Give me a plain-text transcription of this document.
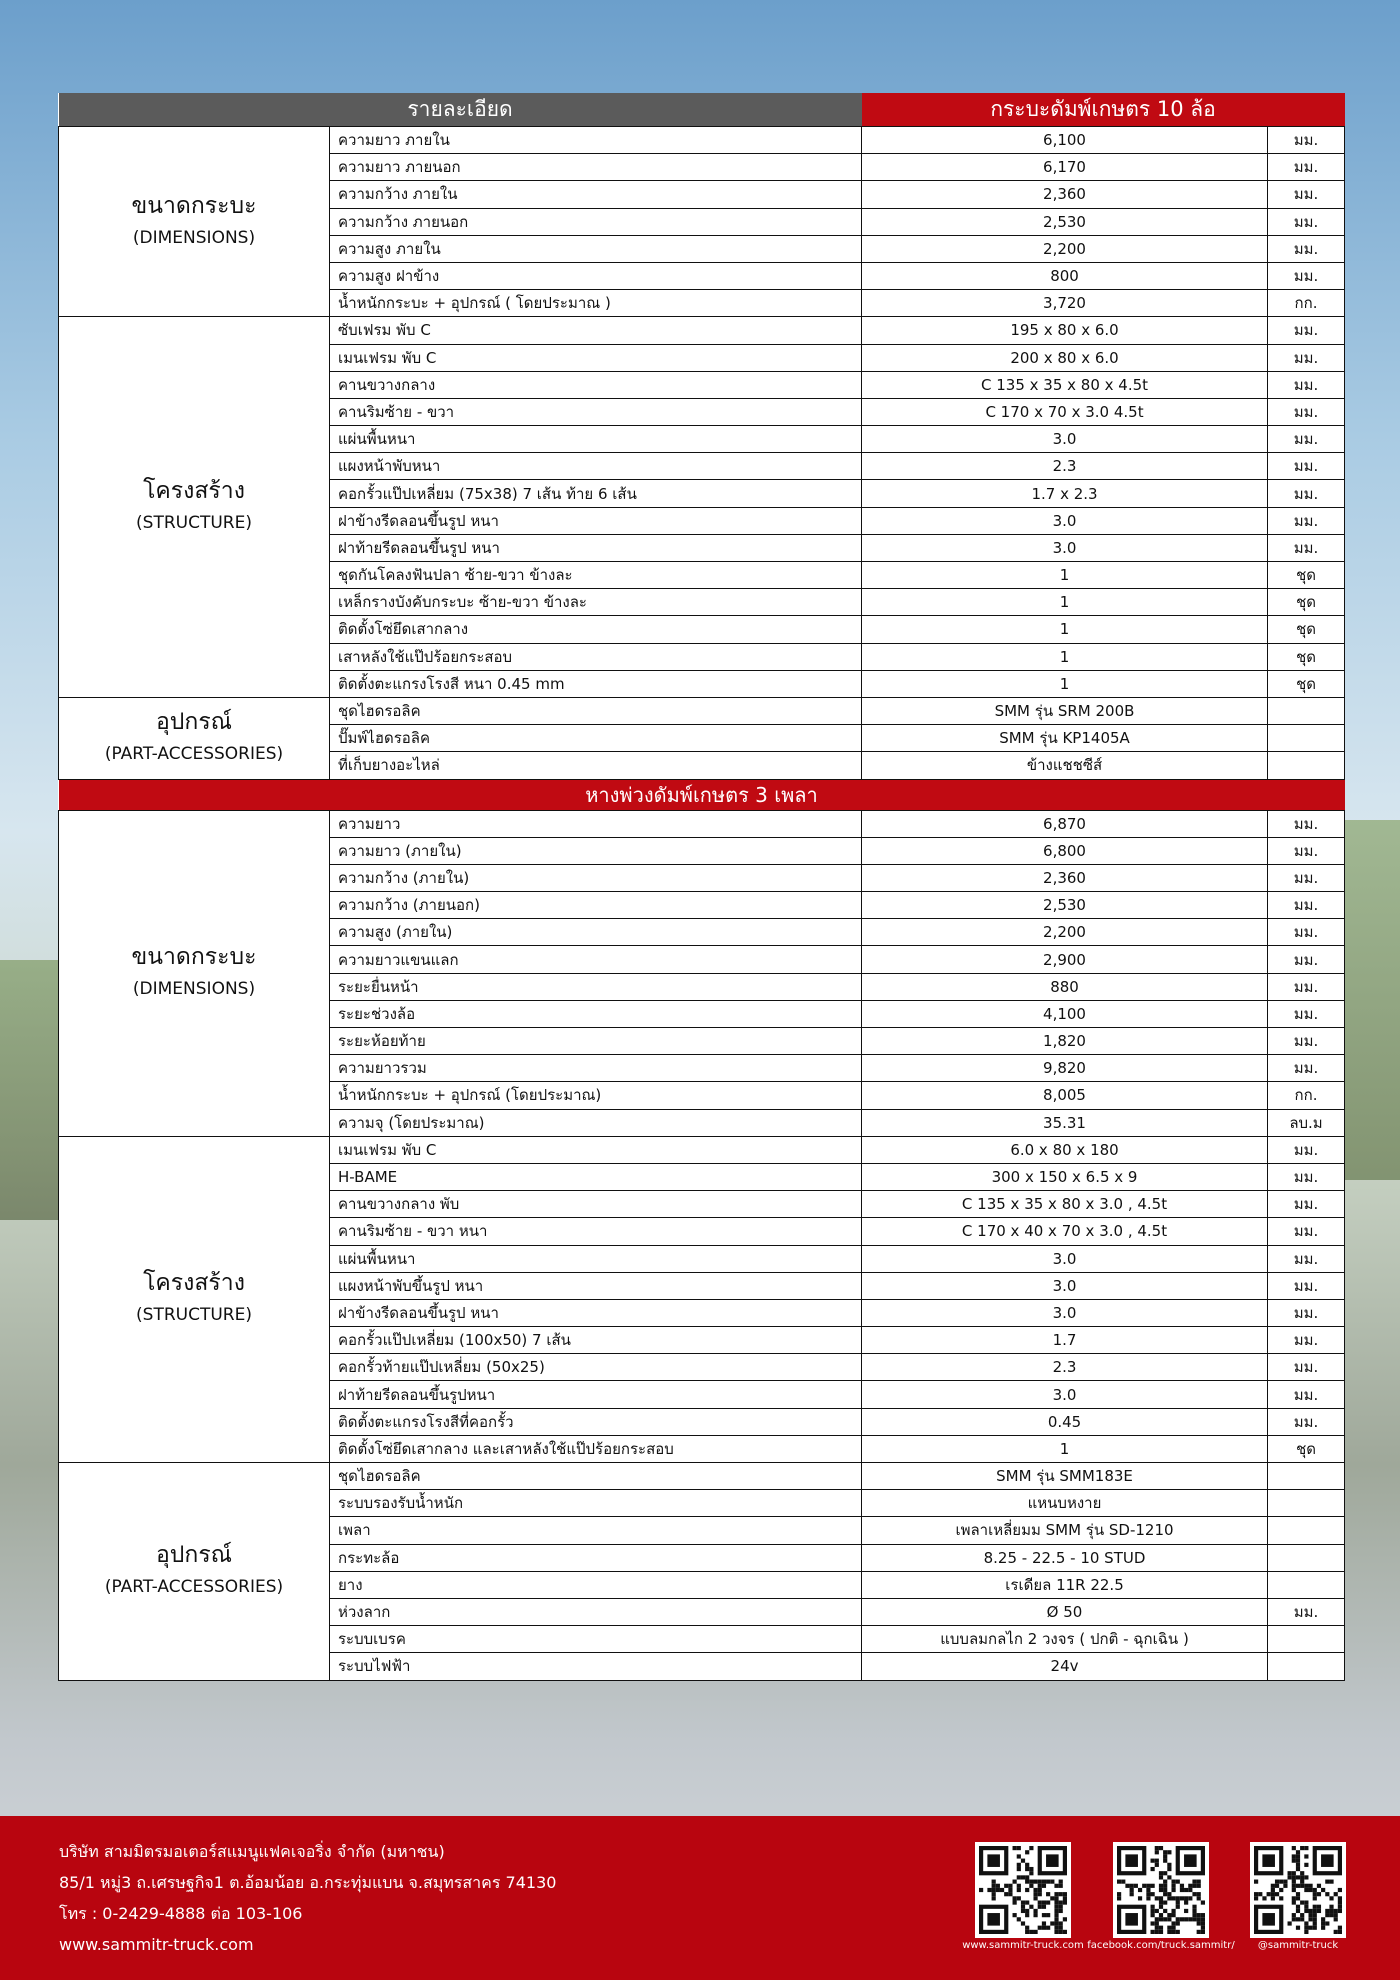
รายละเอียด		กระบะดัมพ์เกษตร 10 ล้อ	

ขนาดกระบะ
(DIMENSIONS)	ความยาว ภายใน	6,100	มม.
	ความยาว ภายนอก	6,170	มม.
	ความกว้าง ภายใน	2,360	มม.
	ความกว้าง ภายนอก	2,530	มม.
	ความสูง ภายใน	2,200	มม.
	ความสูง ฝาข้าง	800	มม.
	น้ำหนักกระบะ + อุปกรณ์ ( โดยประมาณ )	3,720	กก.

โครงสร้าง
(STRUCTURE)	ซับเฟรม พับ C	195 x 80 x 6.0	มม.
	เมนเฟรม พับ C	200 x 80 x 6.0	มม.
	คานขวางกลาง	C 135 x 35 x 80 x 4.5t	มม.
	คานริมซ้าย - ขวา	C 170 x 70 x 3.0 4.5t	มม.
	แผ่นพื้นหนา	3.0	มม.
	แผงหน้าพับหนา	2.3	มม.
	คอกรั้วแป๊ปเหลี่ยม (75x38) 7 เส้น ท้าย 6 เส้น	1.7 x 2.3	มม.
	ฝาข้างรีดลอนขึ้นรูป หนา	3.0	มม.
	ฝาท้ายรีดลอนขึ้นรูป หนา	3.0	มม.
	ชุดกันโคลงฟันปลา ซ้าย-ขวา ข้างละ	1	ชุด
	เหล็กรางบังคับกระบะ ซ้าย-ขวา ข้างละ	1	ชุด
	ติดตั้งโซ่ยึดเสากลาง	1	ชุด
	เสาหลังใช้แป๊ปร้อยกระสอบ	1	ชุด
	ติดตั้งตะแกรงโรงสี หนา 0.45 mm	1	ชุด

อุปกรณ์
(PART-ACCESSORIES)	ชุดไฮดรอลิค	SMM รุ่น SRM 200B	
	ปั๊มพ์ไฮดรอลิค	SMM รุ่น KP1405A	
	ที่เก็บยางอะไหล่	ข้างแชชซีส์	
หางพ่วงดัมพ์เกษตร 3 เพลา			

ขนาดกระบะ
(DIMENSIONS)	ความยาว	6,870	มม.
	ความยาว (ภายใน)	6,800	มม.
	ความกว้าง (ภายใน)	2,360	มม.
	ความกว้าง (ภายนอก)	2,530	มม.
	ความสูง (ภายใน)	2,200	มม.
	ความยาวแขนแลก	2,900	มม.
	ระยะยื่นหน้า	880	มม.
	ระยะช่วงล้อ	4,100	มม.
	ระยะห้อยท้าย	1,820	มม.
	ความยาวรวม	9,820	มม.
	น้ำหนักกระบะ + อุปกรณ์ (โดยประมาณ)	8,005	กก.
	ความจุ (โดยประมาณ)	35.31	ลบ.ม

โครงสร้าง
(STRUCTURE)	เมนเฟรม พับ C	6.0 x 80 x 180	มม.
	H-BAME	300 x 150 x 6.5 x 9	มม.
	คานขวางกลาง พับ	C 135 x 35 x 80 x 3.0 , 4.5t	มม.
	คานริมซ้าย - ขวา หนา	C 170 x 40 x 70 x 3.0 , 4.5t	มม.
	แผ่นพื้นหนา	3.0	มม.
	แผงหน้าพับขึ้นรูป หนา	3.0	มม.
	ฝาข้างรีดลอนขึ้นรูป หนา	3.0	มม.
	คอกรั้วแป๊ปเหลี่ยม (100x50) 7 เส้น	1.7	มม.
	คอกรั้วท้ายแป๊ปเหลี่ยม (50x25)	2.3	มม.
	ฝาท้ายรีดลอนขึ้นรูปหนา	3.0	มม.
	ติดตั้งตะแกรงโรงสีที่คอกรั้ว	0.45	มม.
	ติดตั้งโซ่ยึดเสากลาง และเสาหลังใช้แป๊ปร้อยกระสอบ	1	ชุด

อุปกรณ์
(PART-ACCESSORIES)	ชุดไฮดรอลิค	SMM รุ่น SMM183E	
	ระบบรองรับน้ำหนัก	แหนบหงาย	
	เพลา	เพลาเหลี่ยมม SMM รุ่น SD-1210	
	กระทะล้อ	8.25 - 22.5 - 10 STUD	
	ยาง	เรเดียล 11R 22.5	
	ห่วงลาก	Ø 50	มม.
	ระบบเบรค	แบบลมกลไก 2 วงจร ( ปกติ - ฉุกเฉิน )	
	ระบบไฟฟ้า	24v	
บริษัท สามมิตรมอเตอร์สแมนูแฟคเจอริ่ง จำกัด (มหาชน)
85/1 หมู่3 ถ.เศรษฐกิจ1 ต.อ้อมน้อย อ.กระทุ่มแบน จ.สมุทรสาคร 74130
โทร : 0-2429-4888 ต่อ 103-106
www.sammitr-truck.com	www.sammitr-truck.com facebook.com/truck.sammitr/	@sammitr-truck
